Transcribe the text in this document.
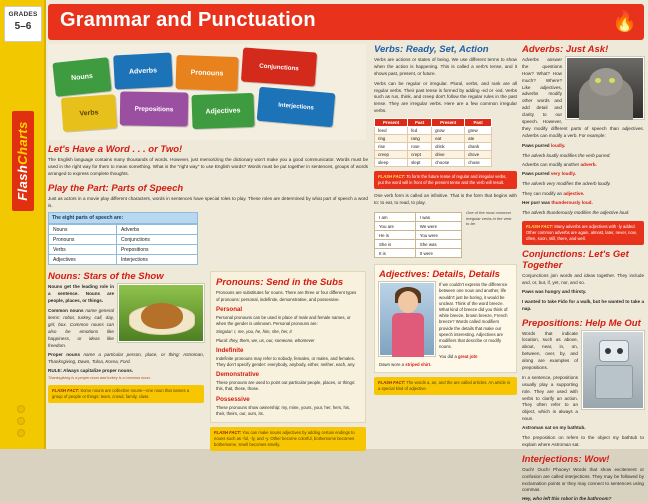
GRADES
5–6
FlashCharts
Grammar and Punctuation	🔥
Nouns
Adverbs	Pronouns
Conjunctions
Verbs	Prepositions	Adjectives	Interjections
Let's Have a Word . . . or Two!

The English language contains many thousands of words. However, just memorizing the dictionary won't make you a good communicator. Words must be used in the right way for them to mean something. What is the "right way" to use English words? Words must be put together in sentences, groups of words arranged to express complete thoughts.

Play the Part: Parts of Speech

Just as actors in a movie play different characters, words in sentences have special roles to play. These roles are determined by what part of speech a word is.

The eight parts of speech are:
Nouns	Adverbs
Pronouns	Conjunctions
Verbs	Prepositions
Adjectives	Interjections
Nouns: Stars of the Show

Nouns get the leading role in a sentence. Nouns are people, places, or things.

Common nouns name general items: robot, turkey, call, day, girl, box. Common nouns can also be emotions like happiness, or ideas like freedom.

Proper nouns name a particular person, place, or thing: Astroman, Thanksgiving, Dawn, Tulsa, Korea, Ford.

RULE: Always capitalize proper nouns.

Thanksgiving is a proper noun and turkey is a common noun.
FLASH FACT: Some nouns are collective nouns—one noun that names a group of people or things: team, crowd, family, class.
Pronouns: Send in the Subs

Pronouns are substitutes for nouns. There are three or four different types of pronouns: personal, indefinite, demonstrative, and possessive.

Personal

Personal pronouns can be used in place of male and female names, or when the gender is unknown. Personal pronouns are:

Singular: I, me, you, he, him, she, her, it

Plural: they, them, we, us, our, someone, whomever

Indefinite

Indefinite pronouns may refer to nobody, females, or males, and females. They don't specify gender: everybody, anybody, either, neither, each, any.

Demonstrative

These pronouns are used to point out particular people, places, or things: this, that, these, those.

Possessive

These pronouns show ownership: my, mine, yours, your, her, hers, his, their, theirs, our, ours, its.

FLASH FACT: You can make nouns adjectives by adding certain endings to nouns such as -ful, -ly, and -y. Other become colorful, bothersome becomes bothersome, smell becomes smelly.
Verbs: Ready, Set, Action

Verbs are actions or states of being. We use different terms to show when the action is happening. This is called a verb's tense, and it shows past, present, or future.

Verbs can be regular or irregular. Plural, verbs, and rank are all regular verbs. Their past tense is formed by adding -ed or -ied. Verbs such as run, think, and creep don't follow the regular rules in the past tense. They are irregular verbs. Here are a few common irregular verbs.

Present	Past	Present	Past
feed	fed	grow	grew
ring	rang	eat	ate
rise	rose	drink	drank
creep	crept	drive	drove
sleep	slept	choose	chose
FLASH FACT: To form the future tense of regular and irregular verbs, put the word will in front of the present tense and the verb will result.

One verb form is called an infinitive. That is the form that begins with to: to eat, to read, to play.

I am	I was
You are	We were
He is	You were
She is	She was
It is	It were
One of the most common irregular verbs in the verb to be.
Adjectives: Details, Details

If we couldn't express the difference between one noun and another, life wouldn't just be boring, it would be unclear. Think of the word breeze. What kind of breeze did you think of: white breeze, brown breeze, French breeze? Words called modifiers provide the details that make our speech interesting. Adjectives are modifiers that describe or modify nouns.

You did a great job!

Dawn wore a striped shirt.

FLASH FACT: The words a, an, and the are called articles. An article is a special kind of adjective.
Adverbs: Just Ask!

Adverbs answer the questions How? What? How much? Where? Like adjectives, adverbs modify other words and add detail and clarity to our speech. However, they modify different parts of speech than adjectives. Adverbs can modify a verb. For example:

Paws purred loudly.

The adverb loudly modifies the verb purred.

Adverbs can modify another adverb.

Paws purred very loudly.

The adverb very modifies the adverb loudly.

They can modify an adjective.

Her purr was thunderously loud.

The adverb thunderously modifies the adjective loud.

FLASH FACT: Many adverbs are adjectives with -ly added. Other common adverbs are again, almost, later, never, now, often, soon, still, there, and well.
Conjunctions: Let's Get Together

Conjunctions join words and ideas together. They include and, or, but, if, yet, nor, and so.

Paws was hungry and thirsty.

I wanted to take Fido for a walk, but he wanted to take a nap.

Prepositions: Help Me Out

Words that indicate location, such as above, about, near, in, on, between, over, by, and along are examples of prepositions.

In a sentence, prepositions usually play a supporting role. They are used with verbs to clarify an action. They often refer to an object, which is always a noun.

Astroman sat on my bathtub.

The preposition on refers to the object my bathtub to explain where Astroman sat.

Interjections: Wow!

Ouch! Ouch! Phooey! Words that show excitement or confusion are called interjections. They may be followed by exclamation points or they may connect to sentences using commas.

Hey, who left this robot in the bathroom?
